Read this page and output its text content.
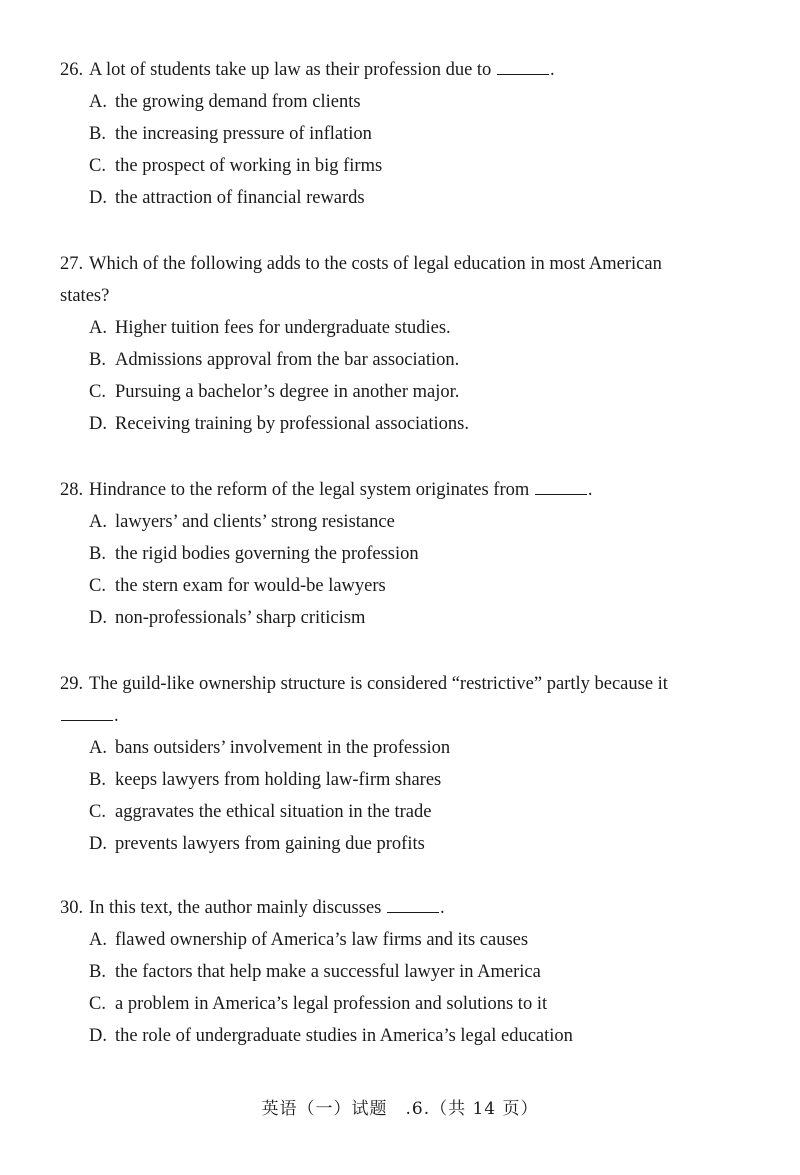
26. A lot of students take up law as their profession due to	.

A. the growing demand from clients
B. the increasing pressure of inflation
C. the prospect of working in big firms
D. the attraction of financial rewards

27. Which of the following adds to the costs of legal education in most American
states?

A. Higher tuition fees for undergraduate studies.
B. Admissions approval from the bar association.
C. Pursuing a bachelor’s degree in another major.
D. Receiving training by professional associations.

28. Hindrance to the reform of the legal system originates from	.

A. lawyers’ and clients’ strong resistance
B. the rigid bodies governing the profession
C. the stern exam for would-be lawyers
D. non-professionals’ sharp criticism

29. The guild-like ownership structure is considered “restrictive” partly because it
.

A. bans outsiders’ involvement in the profession
B. keeps lawyers from holding law-firm shares
C. aggravates the ethical situation in the trade
D. prevents lawyers from gaining due profits

30. In this text, the author mainly discusses	.

A. flawed ownership of America’s law firms and its causes
B. the factors that help make a successful lawyer in America
C. a problem in America’s legal profession and solutions to it
D. the role of undergraduate studies in America’s legal education
英语（一）试题　.6.（共 14 页）
